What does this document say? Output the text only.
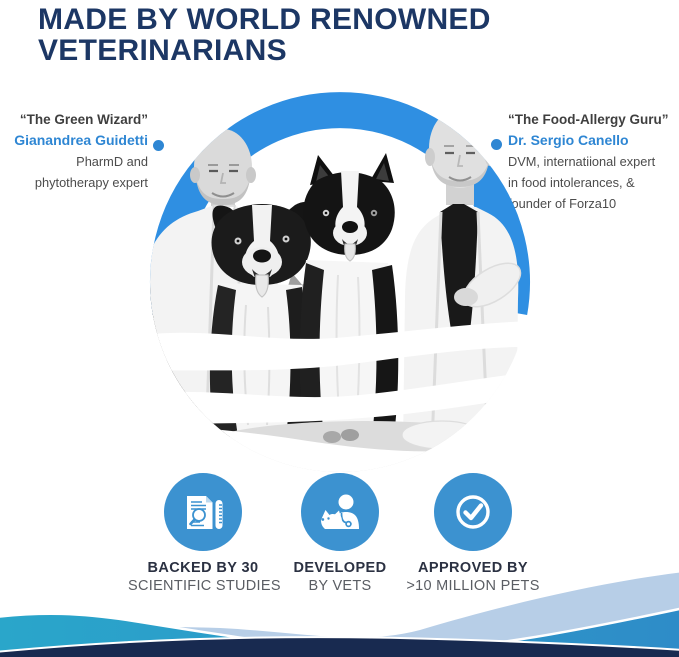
MADE BY WORLD RENOWNED
VETERINARIANS
“The Green Wizard”
Gianandrea Guidetti
PharmD and
phytotherapy expert
“The Food-Allergy Guru”
Dr. Sergio Canello
DVM, internatiional expert
in food intolerances, &
founder of Forza10
BACKED BY 30
SCIENTIFIC STUDIES
DEVELOPED
BY VETS
APPROVED BY
>10 MILLION PETS
